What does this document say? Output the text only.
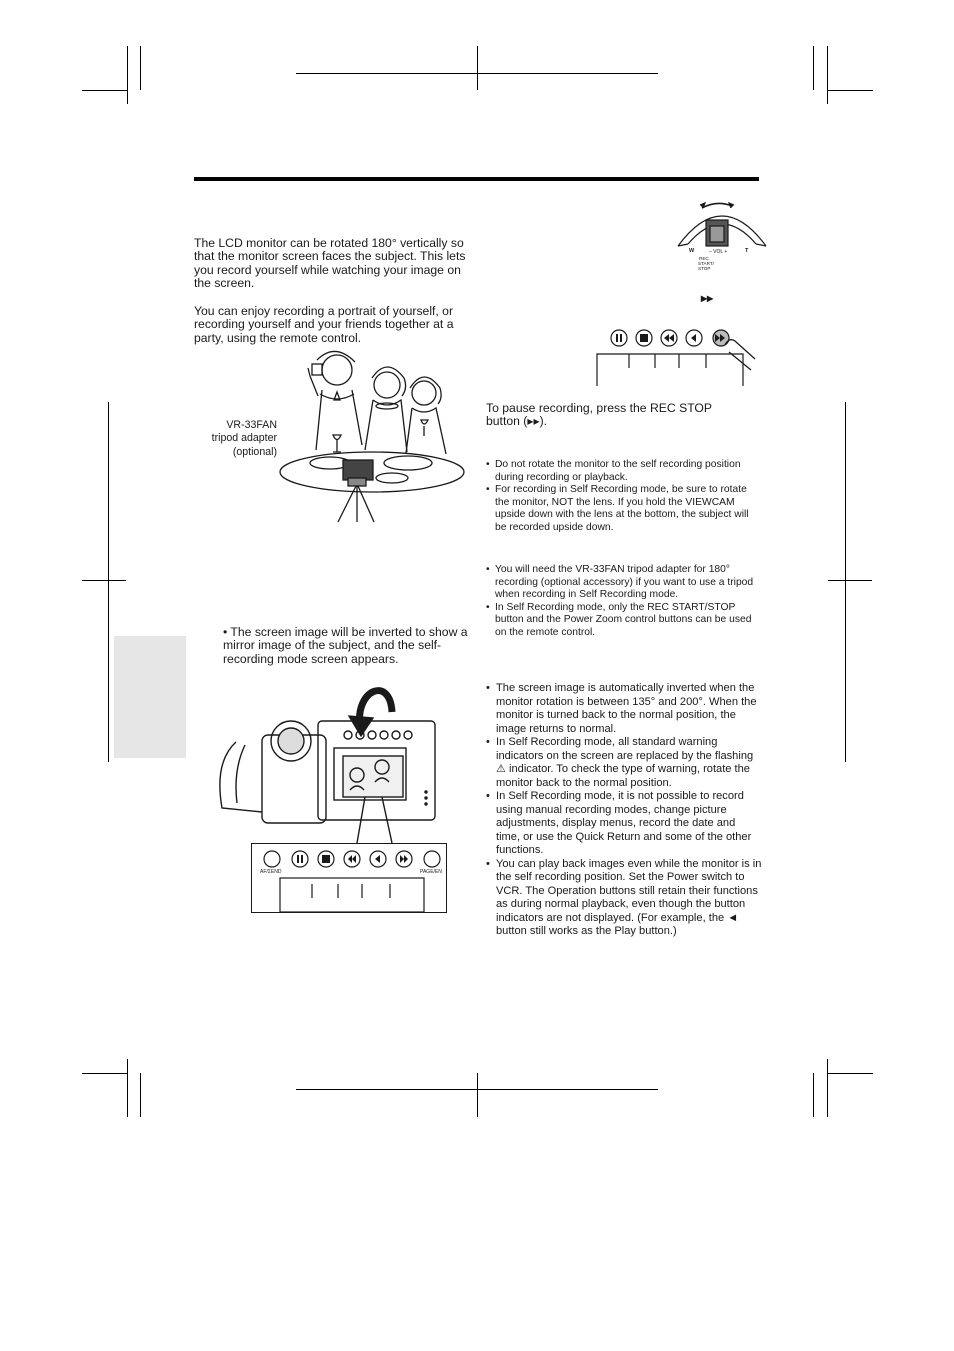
The LCD monitor can be rotated 180° vertically so that the monitor screen faces the subject. This lets you record yourself while watching your image on the screen.

You can enjoy recording a portrait of yourself, or recording yourself and your friends together at a party, using the remote control.

VR-33FAN
tripod adapter
(optional)

• The screen image will be inverted to show a mirror image of the subject, and the self-recording mode screen appears.

AF/ΣEND	PAGE/EN
W	T
– VOL +
REC
START/
STOP
▸▸

To pause recording, press the REC STOP button (▸▸).

• Do not rotate the monitor to the self recording position during recording or playback.
• For recording in Self Recording mode, be sure to rotate the monitor, NOT the lens. If you hold the VIEWCAM upside down with the lens at the bottom, the subject will be recorded upside down.
• You will need the VR-33FAN tripod adapter for 180° recording (optional accessory) if you want to use a tripod when recording in Self Recording mode.
• In Self Recording mode, only the REC START/STOP button and the Power Zoom control buttons can be used on the remote control.
• The screen image is automatically inverted when the monitor rotation is between 135° and 200°. When the monitor is turned back to the normal position, the image returns to normal.
• In Self Recording mode, all standard warning indicators on the screen are replaced by the flashing ⚠ indicator. To check the type of warning, rotate the monitor back to the normal position.
• In Self Recording mode, it is not possible to record using manual recording modes, change picture adjustments, display menus, record the date and time, or use the Quick Return and some of the other functions.
• You can play back images even while the monitor is in the self recording position. Set the Power switch to VCR. The Operation buttons still retain their functions as during normal playback, even though the button indicators are not displayed. (For example, the ◄ button still works as the Play button.)
